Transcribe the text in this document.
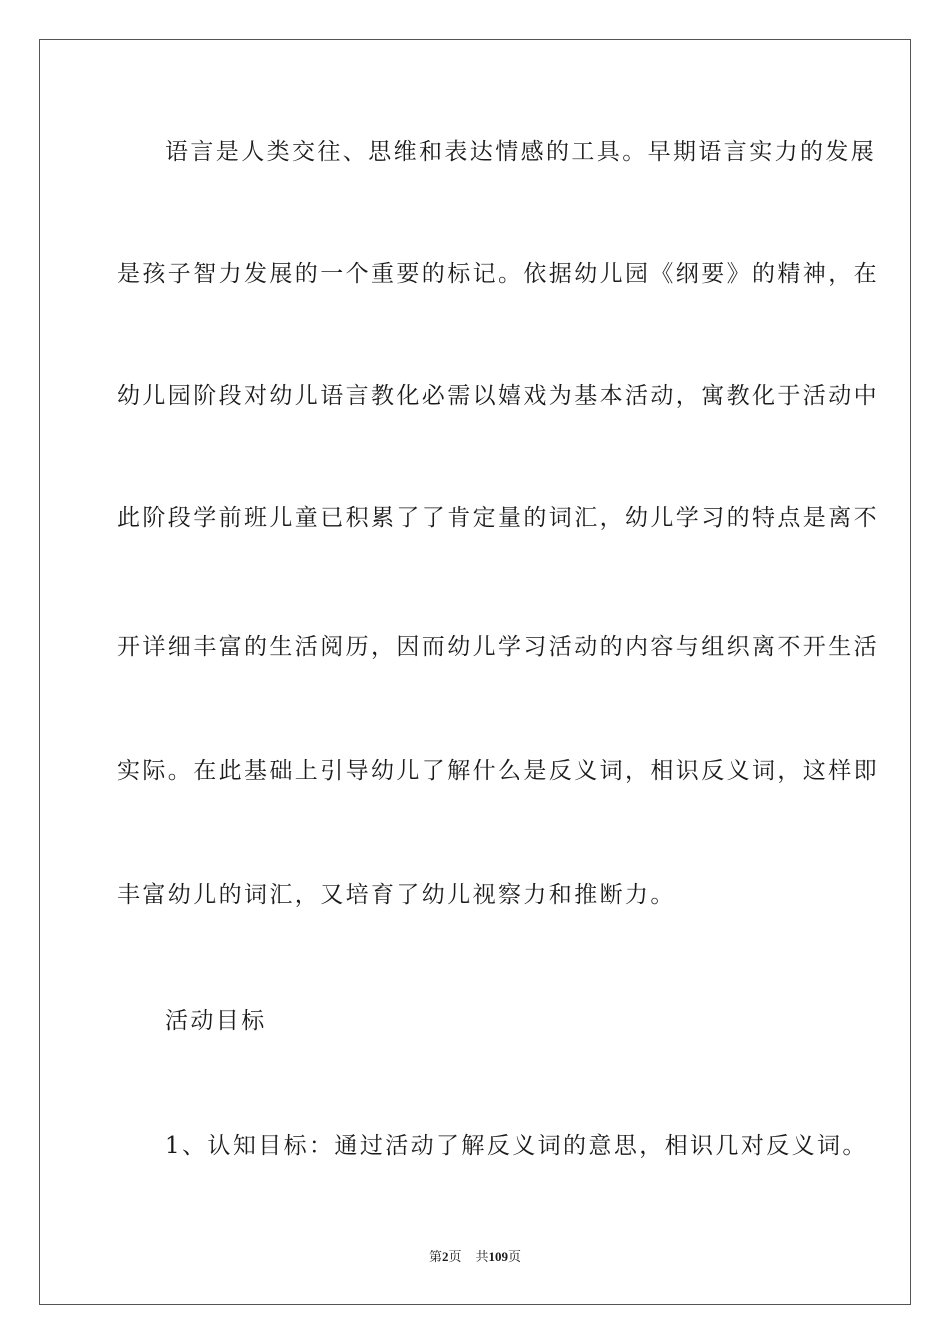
语言是人类交往、思维和表达情感的工具。早期语言实力的发展
是孩子智力发展的一个重要的标记。依据幼儿园《纲要》的精神，在
幼儿园阶段对幼儿语言教化必需以嬉戏为基本活动，寓教化于活动中
此阶段学前班儿童已积累了了肯定量的词汇，幼儿学习的特点是离不
开详细丰富的生活阅历，因而幼儿学习活动的内容与组织离不开生活
实际。在此基础上引导幼儿了解什么是反义词，相识反义词，这样即
丰富幼儿的词汇，又培育了幼儿视察力和推断力。
活动目标
1、认知目标：通过活动了解反义词的意思，相识几对反义词。
第2页 共109页
